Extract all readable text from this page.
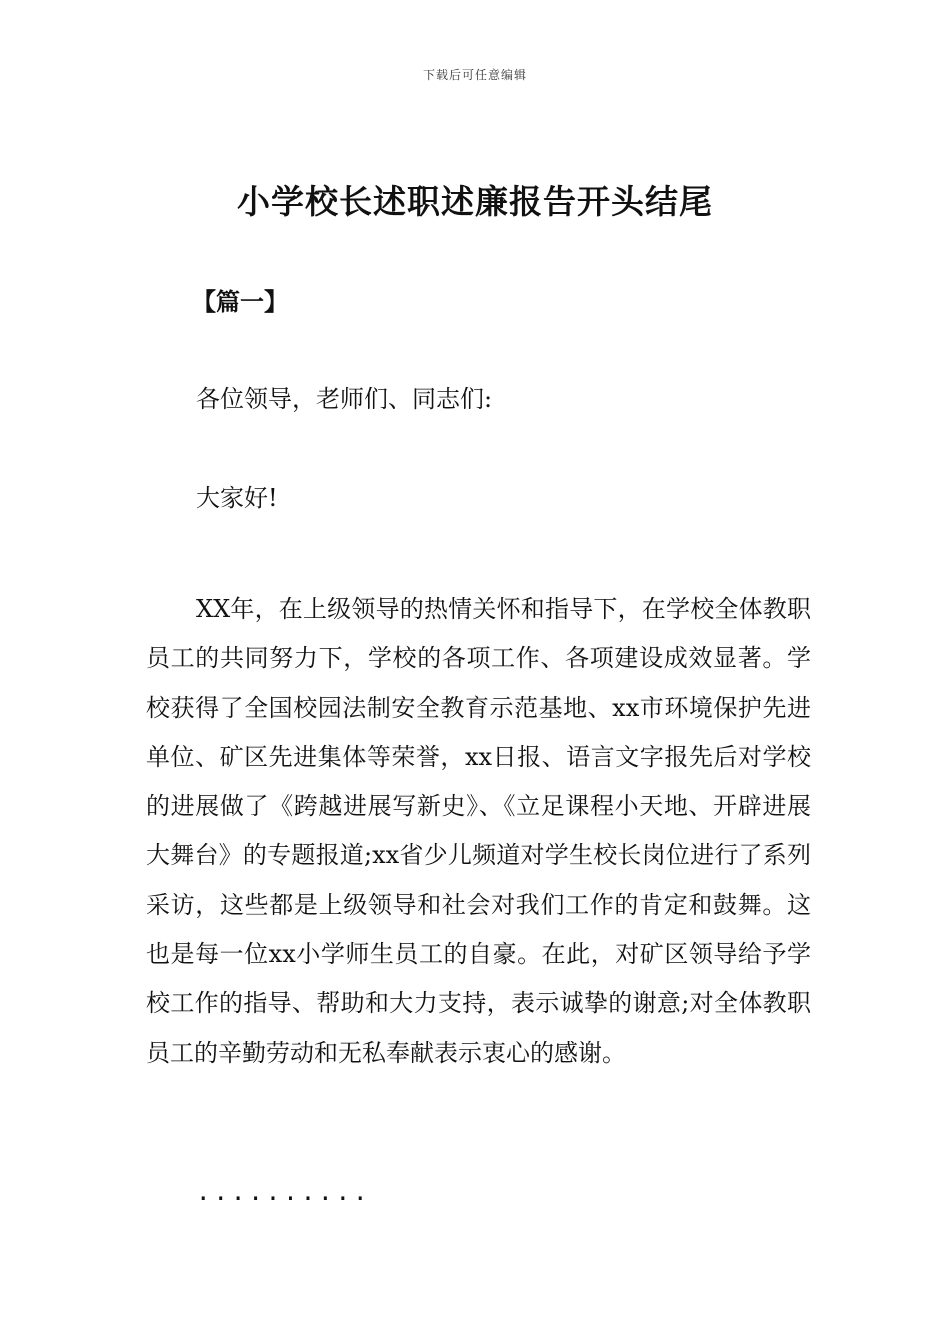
下载后可任意编辑
小学校长述职述廉报告开头结尾
【篇一】
各位领导，老师们、同志们:
大家好!

XX年，在上级领导的热情关怀和指导下，在学校全体教职员工的共同努力下，学校的各项工作、各项建设成效显著。学校获得了全国校园法制安全教育示范基地、xx市环境保护先进单位、矿区先进集体等荣誉，xx日报、语言文字报先后对学校的进展做了《跨越进展写新史》、《立足课程小天地、开辟进展大舞台》的专题报道;xx省少儿频道对学生校长岗位进行了系列采访，这些都是上级领导和社会对我们工作的肯定和鼓舞。这也是每一位xx小学师生员工的自豪。在此，对矿区领导给予学校工作的指导、帮助和大力支持，表示诚挚的谢意;对全体教职员工的辛勤劳动和无私奉献表示衷心的感谢。

..........
